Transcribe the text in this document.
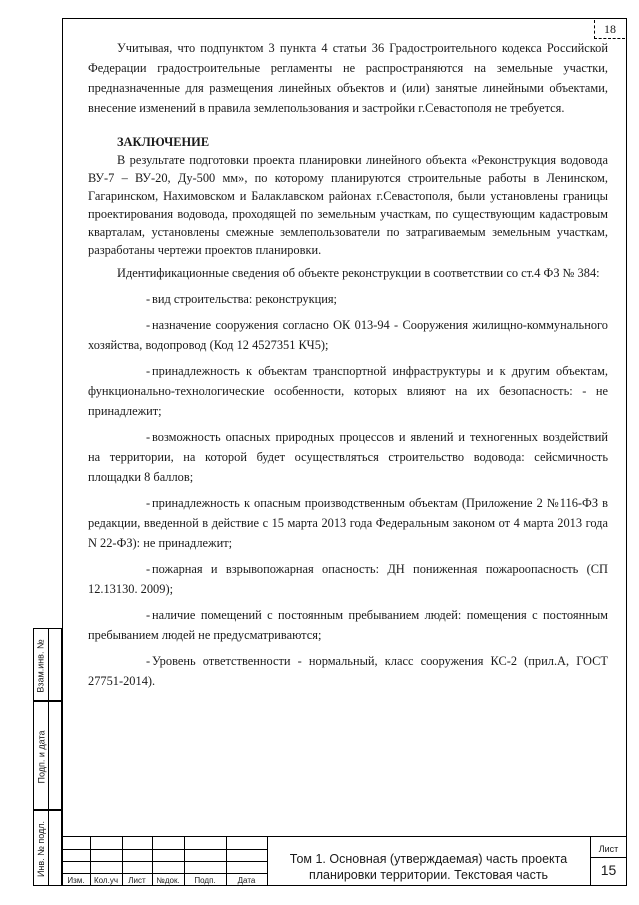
18
Учитывая, что подпунктом 3 пункта 4 статьи 36 Градостроительного кодекса Российской Федерации градостроительные регламенты не распространяются на земельные участки, предназначенные для размещения линейных объектов и (или) занятые линейными объектами, внесение изменений в правила землепользования и застройки г.Севастополя не требуется.
ЗАКЛЮЧЕНИЕ
В результате подготовки проекта планировки линейного объекта «Реконструкция водовода ВУ-7 – ВУ-20, Ду-500 мм», по которому планируются строительные работы в Ленинском, Гагаринском, Нахимовском и Балаклавском районах г.Севастополя, были установлены границы проектирования водовода, проходящей по земельным участкам, по существующим кадастровым кварталам, установлены смежные землепользователи по затрагиваемым земельным участкам, разработаны чертежи проектов планировки.
Идентификационные сведения об объекте реконструкции в соответствии со ст.4 ФЗ № 384:
- вид строительства: реконструкция;
- назначение сооружения согласно ОК 013-94 - Сооружения жилищно-коммунального хозяйства, водопровод (Код 12 4527351 КЧ5);
- принадлежность к объектам транспортной инфраструктуры и к другим объектам, функционально-технологические особенности, которых влияют на их безопасность: - не принадлежит;
- возможность опасных природных процессов и явлений и техногенных воздействий на территории, на которой будет осуществляться строительство водовода: сейсмичность площадки 8 баллов;
- принадлежность к опасным производственным объектам (Приложение 2 №116-ФЗ в редакции, введенной в действие с 15 марта 2013 года Федеральным законом от 4 марта 2013 года N 22-ФЗ): не принадлежит;
- пожарная и взрывопожарная опасность: ДН пониженная пожароопасность (СП 12.13130. 2009);
- наличие помещений с постоянным пребыванием людей: помещения с постоянным пребыванием людей не предусматриваются;
- Уровень ответственности - нормальный, класс сооружения КС-2 (прил.А, ГОСТ 27751-2014).
Взам.инв. №
Подп. и дата
Инв. № подл.
Изм.	Кол.уч	Лист	№док.	Подп.	Дата
Том 1. Основная (утверждаемая) часть проекта планировки территории. Текстовая часть
Лист
15
